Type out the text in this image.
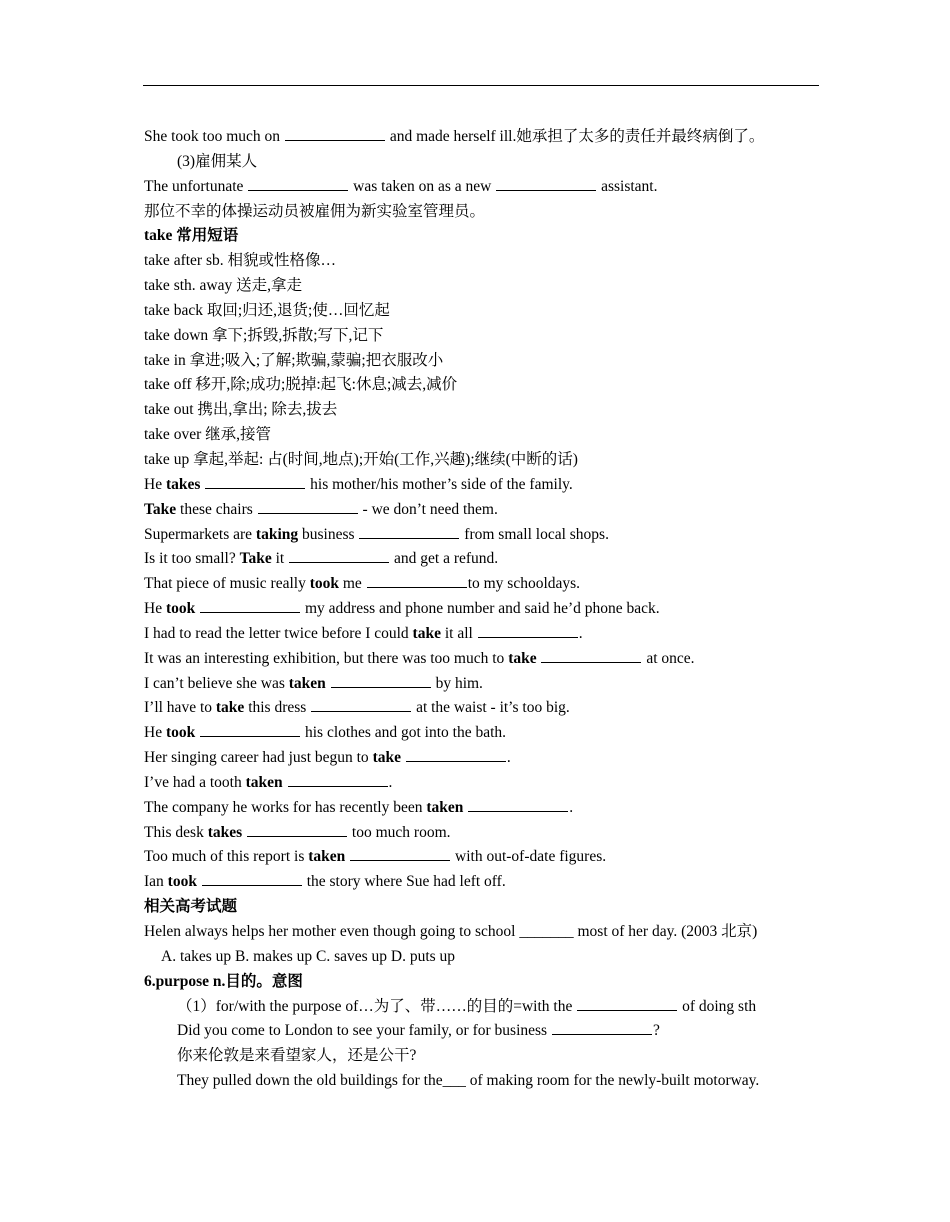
She took too much on	and made herself ill.她承担了太多的责任并最终病倒了。
(3)雇佣某人
The unfortunate	was taken on as a new	assistant.
那位不幸的体操运动员被雇佣为新实验室管理员。
take 常用短语
take after sb. 相貌或性格像…
take sth. away 送走,拿走
take back 取回;归还,退货;使…回忆起
take down 拿下;拆毁,拆散;写下,记下
take in 拿进;吸入;了解;欺骗,蒙骗;把衣服改小
take off 移开,除;成功;脱掉:起飞:休息;减去,减价
take out 携出,拿出; 除去,拔去
take over 继承,接管
take up 拿起,举起: 占(时间,地点);开始(工作,兴趣);继续(中断的话)
He takes	his mother/his mother’s side of the family.
Take these chairs	- we don’t need them.
Supermarkets are taking business	from small local shops.
Is it too small? Take it	and get a refund.
That piece of music really took me	to my schooldays.
He took	my address and phone number and said he’d phone back.
I had to read the letter twice before I could take it all	.
It was an interesting exhibition, but there was too much to take	at once.
I can’t believe she was taken	by him.
I’ll have to take this dress	at the waist - it’s too big.
He took	his clothes and got into the bath.
Her singing career had just begun to take	.
I’ve had a tooth taken	.
The company he works for has recently been taken	.
This desk takes	too much room.
Too much of this report is taken	with out-of-date figures.
Ian took	the story where Sue had left off.
相关高考试题
Helen always helps her mother even though going to school _______ most of her day. (2003 北京)
A. takes up B. makes up C. saves up D. puts up
6.purpose n.目的。意图
（1）for/with the purpose of…为了、带……的目的=with the	of doing sth
Did you come to London to see your family, or for business	?
你来伦敦是来看望家人，还是公干?
They pulled down the old buildings for the___ of making room for the newly-built motorway.
